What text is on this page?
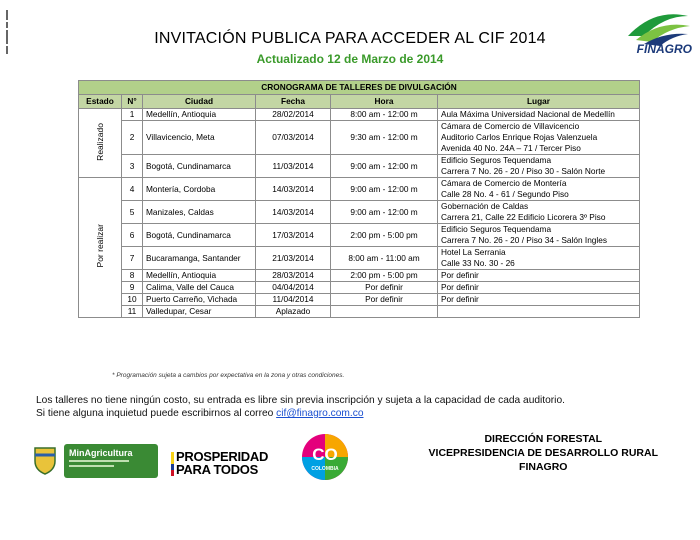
INVITACIÓN PUBLICA PARA ACCEDER AL CIF 2014
Actualizado 12 de Marzo de 2014
FINAGRO
CRONOGRAMA DE TALLERES DE DIVULGACIÓN					
Estado	N°	Ciudad	Fecha	Hora	Lugar
Realizado	1	Medellín, Antioquia	28/02/2014	8:00 am - 12:00 m	Aula Máxima Universidad Nacional de Medellín

	2	Villavicencio, Meta	07/03/2014	9:30 am - 12:00 m	Cámara de Comercio de Villavicencio
Auditorio Carlos Enrique Rojas Valenzuela
Avenida 40 No. 24A – 71 / Tercer Piso

	3	Bogotá, Cundinamarca	11/03/2014	9:00 am - 12:00 m	Edificio Seguros Tequendama
Carrera 7 No. 26 - 20 / Piso 30 - Salón Norte

Por realizar	4	Montería, Cordoba	14/03/2014	9:00 am - 12:00 m	Cámara de Comercio de Montería
Calle 28 No. 4 - 61 / Segundo Piso

	5	Manizales, Caldas	14/03/2014	9:00 am - 12:00 m	Gobernación de Caldas
Carrera 21, Calle 22 Edificio Licorera 3º Piso

	6	Bogotá, Cundinamarca	17/03/2014	2:00 pm - 5:00 pm	Edificio Seguros Tequendama
Carrera 7 No. 26 - 20 / Piso 34 - Salón Ingles

	7	Bucaramanga, Santander	21/03/2014	8:00 am - 11:00 am	Hotel La Serrania
Calle 33 No. 30 - 26

	8	Medellín, Antioquia	28/03/2014	2:00 pm - 5:00 pm	Por definir

	9	Calima, Valle del Cauca	04/04/2014	Por definir	Por definir

	10	Puerto Carreño, Vichada	11/04/2014	Por definir	Por definir

	11	Valledupar, Cesar	Aplazado		
* Programación sujeta a cambios por expectativa en la zona y otras condiciones.
Los talleres no tiene ningún costo, su entrada es libre sin previa inscripción y sujeta a la capacidad de cada auditorio.
Si tiene alguna inquietud puede escribirnos al correo cif@finagro.com.co
MinAgricultura	PROSPERIDAD
PARA TODOS
CO
COLOMBIA
DIRECCIÓN FORESTAL
VICEPRESIDENCIA DE DESARROLLO RURAL
FINAGRO
